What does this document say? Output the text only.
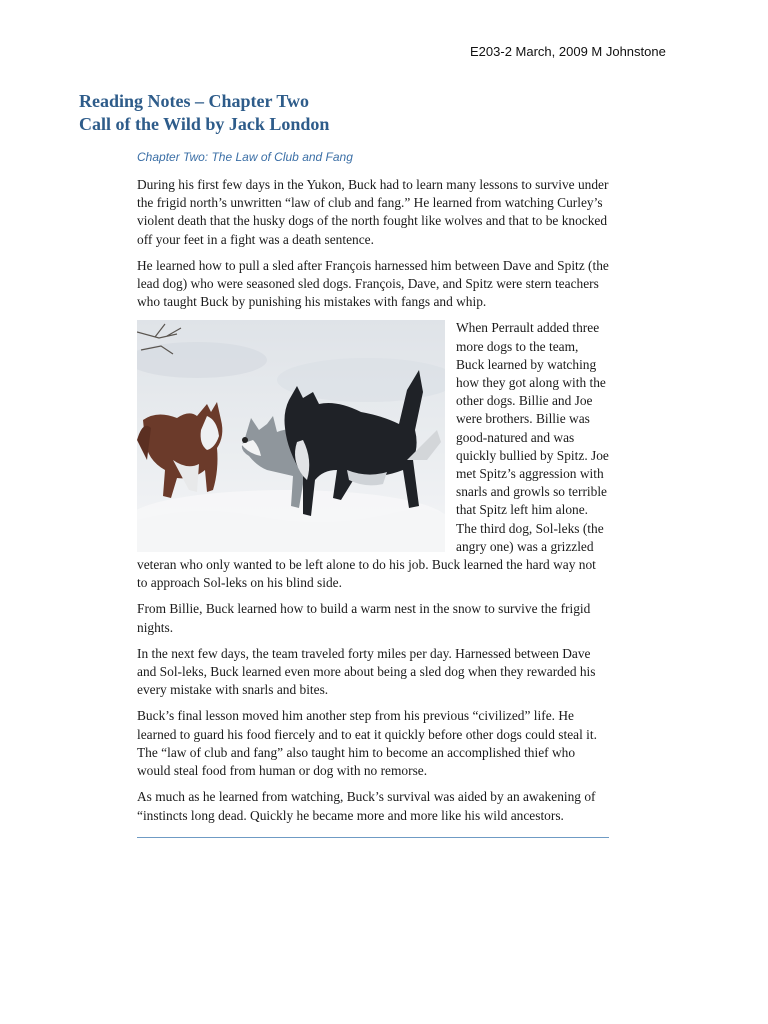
E203-2 March, 2009 M Johnstone
Reading Notes – Chapter Two
Call of the Wild by Jack London
Chapter Two: The Law of Club and Fang

During his first few days in the Yukon, Buck had to learn many lessons to survive under the frigid north’s unwritten “law of club and fang.” He learned from watching Curley’s violent death that the husky dogs of the north fought like wolves and that to be knocked off your feet in a fight was a death sentence.

He learned how to pull a sled after François harnessed him between Dave and Spitz (the lead dog) who were seasoned sled dogs. François, Dave, and Spitz were stern teachers who taught Buck by punishing his mistakes with fangs and whip.

When Perrault added three more dogs to the team, Buck learned by watching how they got along with the other dogs. Billie and Joe were brothers. Billie was good-natured and was quickly bullied by Spitz. Joe met Spitz’s aggression with snarls and growls so terrible that Spitz left him alone. The third dog, Sol-leks (the angry one) was a grizzled veteran who only wanted to be left alone to do his job. Buck learned the hard way not to approach Sol-leks on his blind side.

From Billie, Buck learned how to build a warm nest in the snow to survive the frigid nights.

In the next few days, the team traveled forty miles per day. Harnessed between Dave and Sol-leks, Buck learned even more about being a sled dog when they rewarded his every mistake with snarls and bites.

Buck’s final lesson moved him another step from his previous “civilized” life. He learned to guard his food fiercely and to eat it quickly before other dogs could steal it. The “law of club and fang” also taught him to become an accomplished thief who would steal food from human or dog with no remorse.

As much as he learned from watching, Buck’s survival was aided by an awakening of “instincts long dead. Quickly he became more and more like his wild ancestors.
